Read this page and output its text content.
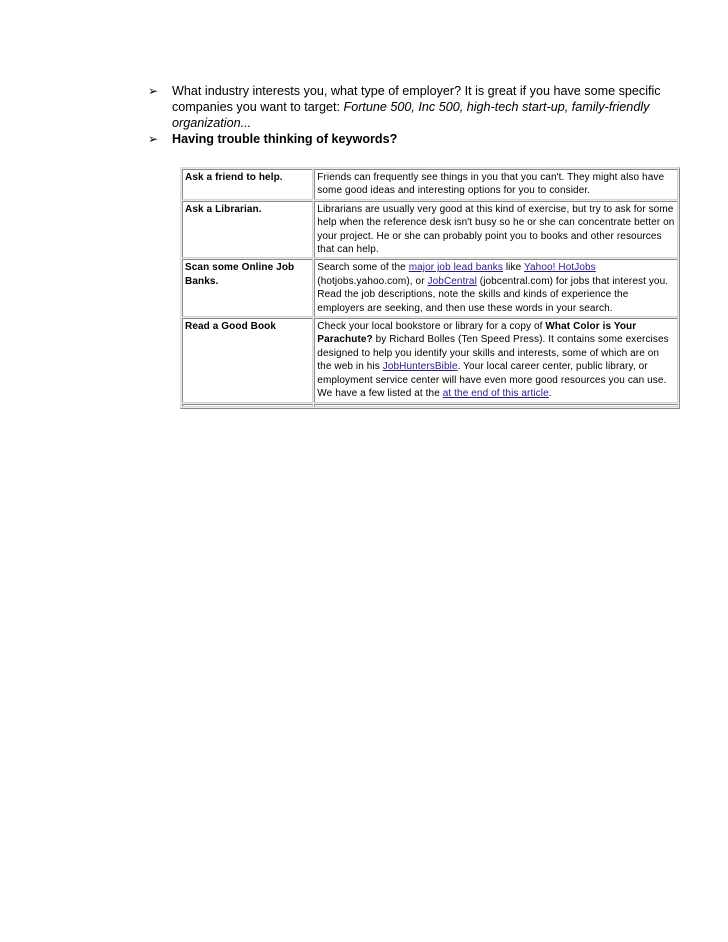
➢ What industry interests you, what type of employer? It is great if you have some specific companies you want to target: Fortune 500, Inc 500, high-tech start-up, family-friendly organization...
➢ Having trouble thinking of keywords?
Ask a friend to help.	Friends can frequently see things in you that you can't. They might also have some good ideas and interesting options for you to consider.
Ask a Librarian.	Librarians are usually very good at this kind of exercise, but try to ask for some help when the reference desk isn't busy so he or she can concentrate better on your project. He or she can probably point you to books and other resources that can help.
Scan some Online Job Banks.	Search some of the major job lead banks like Yahoo! HotJobs (hotjobs.yahoo.com), or JobCentral (jobcentral.com) for jobs that interest you. Read the job descriptions, note the skills and kinds of experience the employers are seeking, and then use these words in your search.
Read a Good Book	Check your local bookstore or library for a copy of What Color is Your Parachute? by Richard Bolles (Ten Speed Press). It contains some exercises designed to help you identify your skills and interests, some of which are on the web in his JobHuntersBible. Your local career center, public library, or employment service center will have even more good resources you can use. We have a few listed at the at the end of this article.
